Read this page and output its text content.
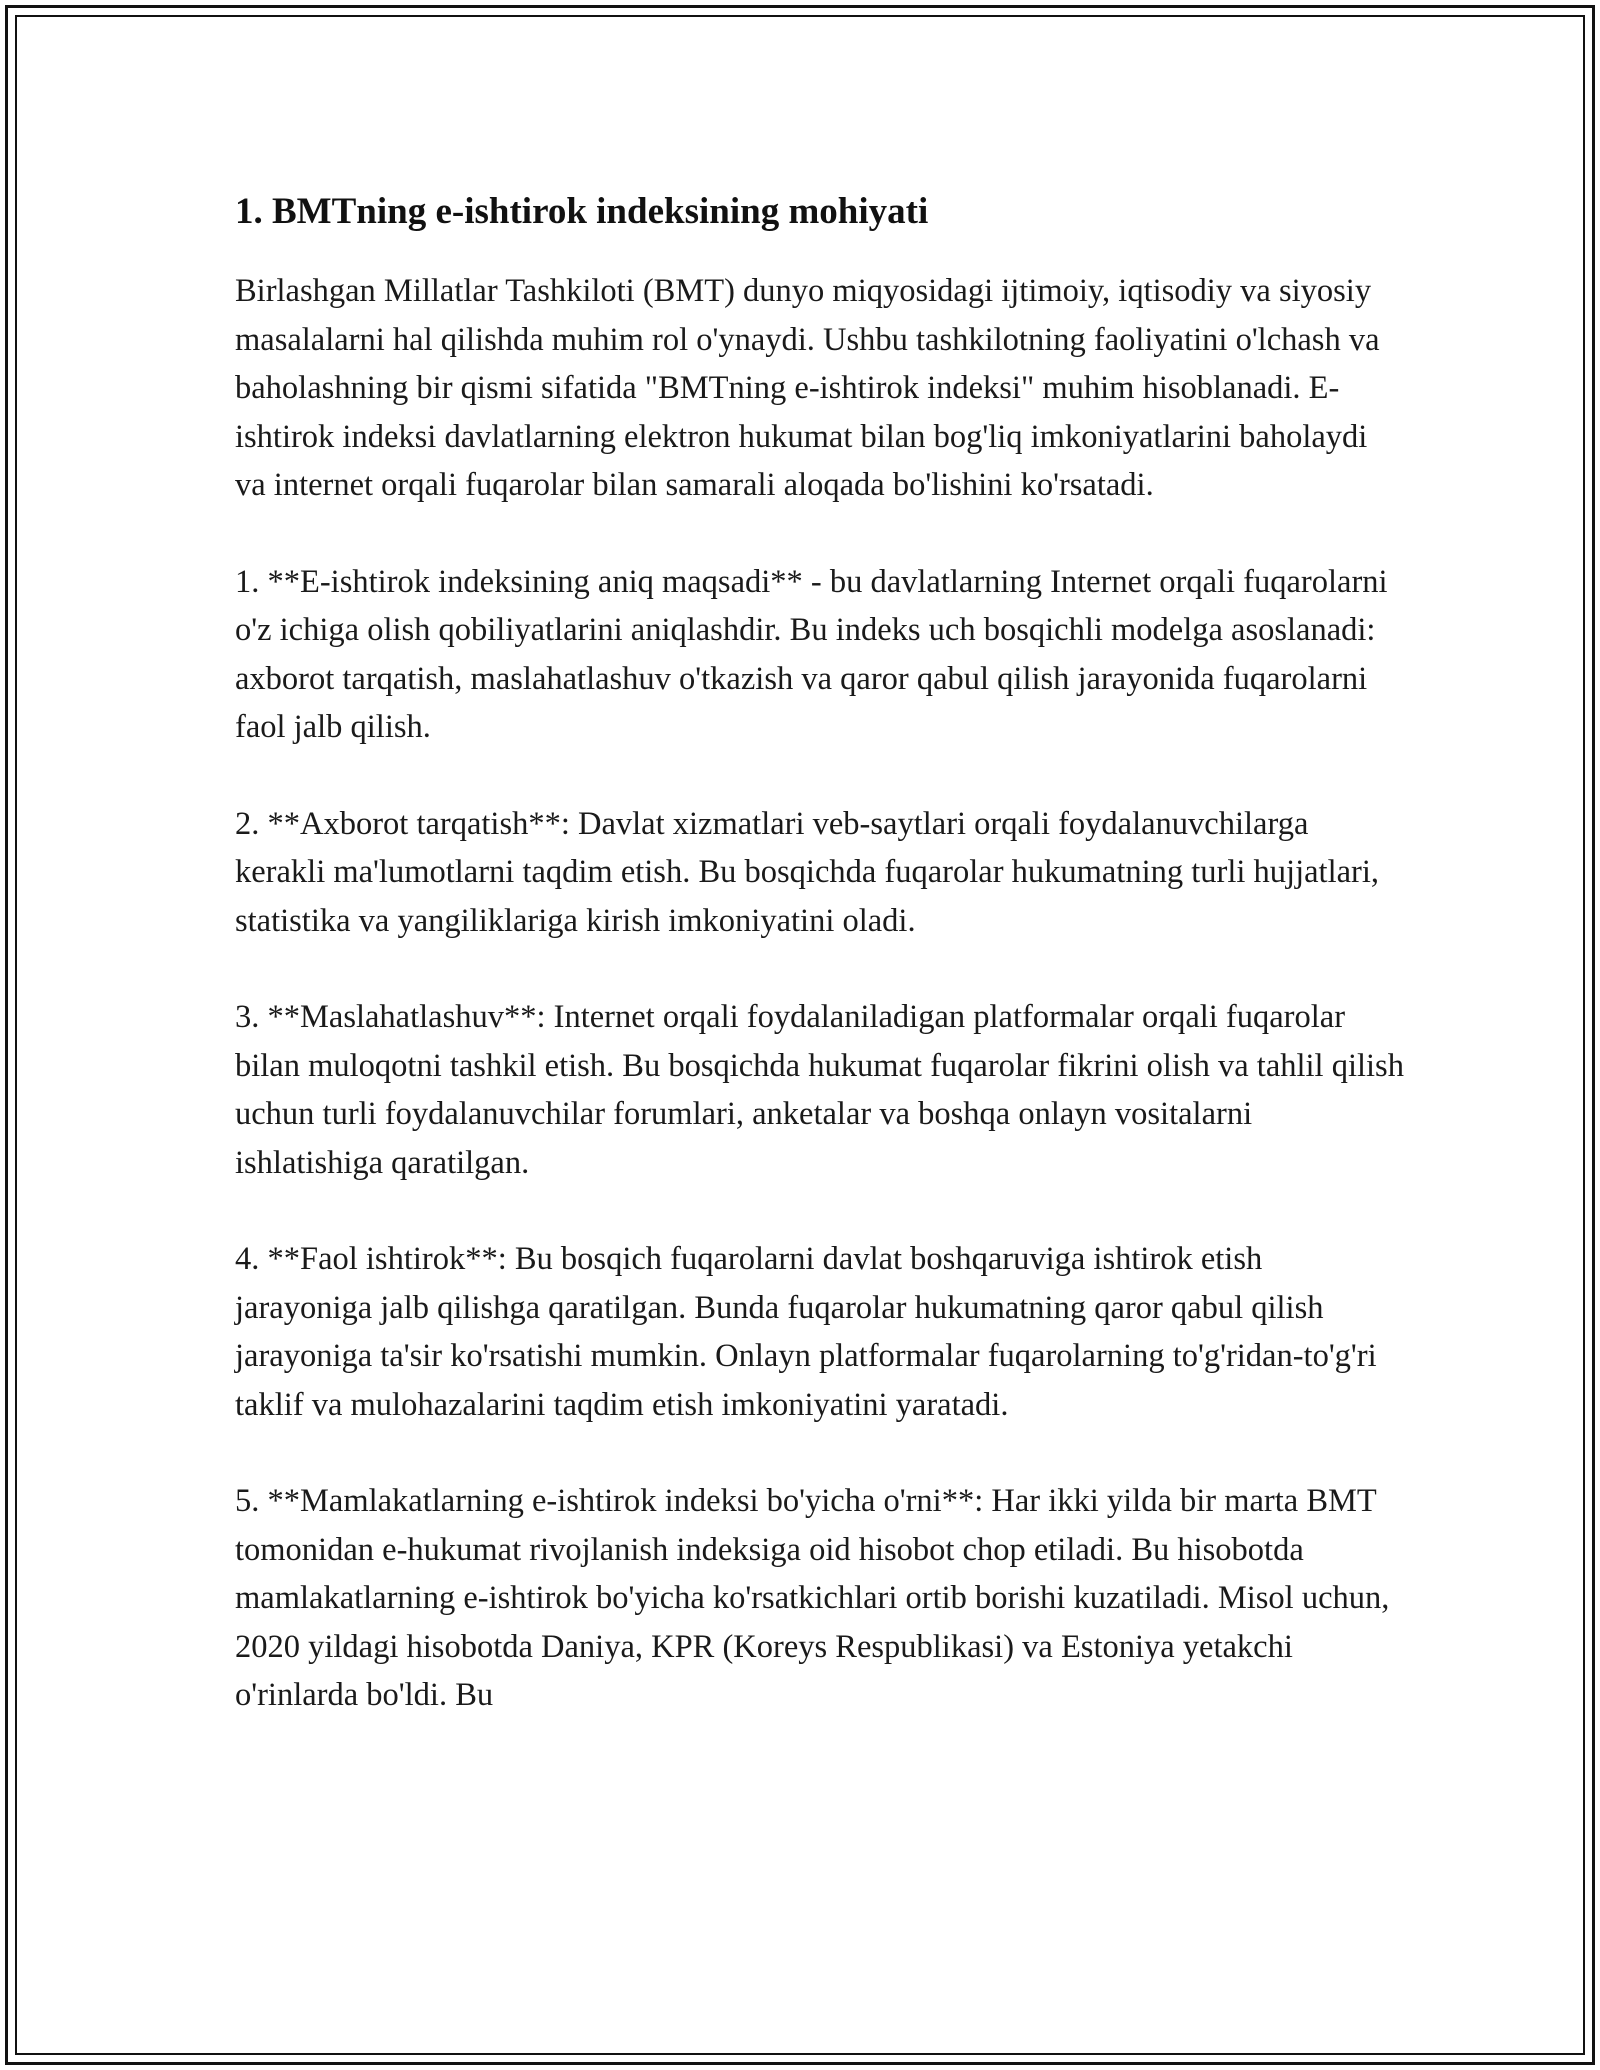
1. BMTning e-ishtirok indeksining mohiyati

Birlashgan Millatlar Tashkiloti (BMT) dunyo miqyosidagi ijtimoiy, iqtisodiy va siyosiy masalalarni hal qilishda muhim rol o'ynaydi. Ushbu tashkilotning faoliyatini o'lchash va baholashning bir qismi sifatida "BMTning e-ishtirok indeksi" muhim hisoblanadi. E-ishtirok indeksi davlatlarning elektron hukumat bilan bog'liq imkoniyatlarini baholaydi va internet orqali fuqarolar bilan samarali aloqada bo'lishini ko'rsatadi.

1. **E-ishtirok indeksining aniq maqsadi** - bu davlatlarning Internet orqali fuqarolarni o'z ichiga olish qobiliyatlarini aniqlashdir. Bu indeks uch bosqichli modelga asoslanadi: axborot tarqatish, maslahatlashuv o'tkazish va qaror qabul qilish jarayonida fuqarolarni faol jalb qilish.

2. **Axborot tarqatish**: Davlat xizmatlari veb-saytlari orqali foydalanuvchilarga kerakli ma'lumotlarni taqdim etish. Bu bosqichda fuqarolar hukumatning turli hujjatlari, statistika va yangiliklariga kirish imkoniyatini oladi.

3. **Maslahatlashuv**: Internet orqali foydalaniladigan platformalar orqali fuqarolar bilan muloqotni tashkil etish. Bu bosqichda hukumat fuqarolar fikrini olish va tahlil qilish uchun turli foydalanuvchilar forumlari, anketalar va boshqa onlayn vositalarni ishlatishiga qaratilgan.

4. **Faol ishtirok**: Bu bosqich fuqarolarni davlat boshqaruviga ishtirok etish jarayoniga jalb qilishga qaratilgan. Bunda fuqarolar hukumatning qaror qabul qilish jarayoniga ta'sir ko'rsatishi mumkin. Onlayn platformalar fuqarolarning to'g'ridan-to'g'ri taklif va mulohazalarini taqdim etish imkoniyatini yaratadi.

5. **Mamlakatlarning e-ishtirok indeksi bo'yicha o'rni**: Har ikki yilda bir marta BMT tomonidan e-hukumat rivojlanish indeksiga oid hisobot chop etiladi. Bu hisobotda mamlakatlarning e-ishtirok bo'yicha ko'rsatkichlari ortib borishi kuzatiladi. Misol uchun, 2020 yildagi hisobotda Daniya, KPR (Koreys Respublikasi) va Estoniya yetakchi o'rinlarda bo'ldi. Bu
